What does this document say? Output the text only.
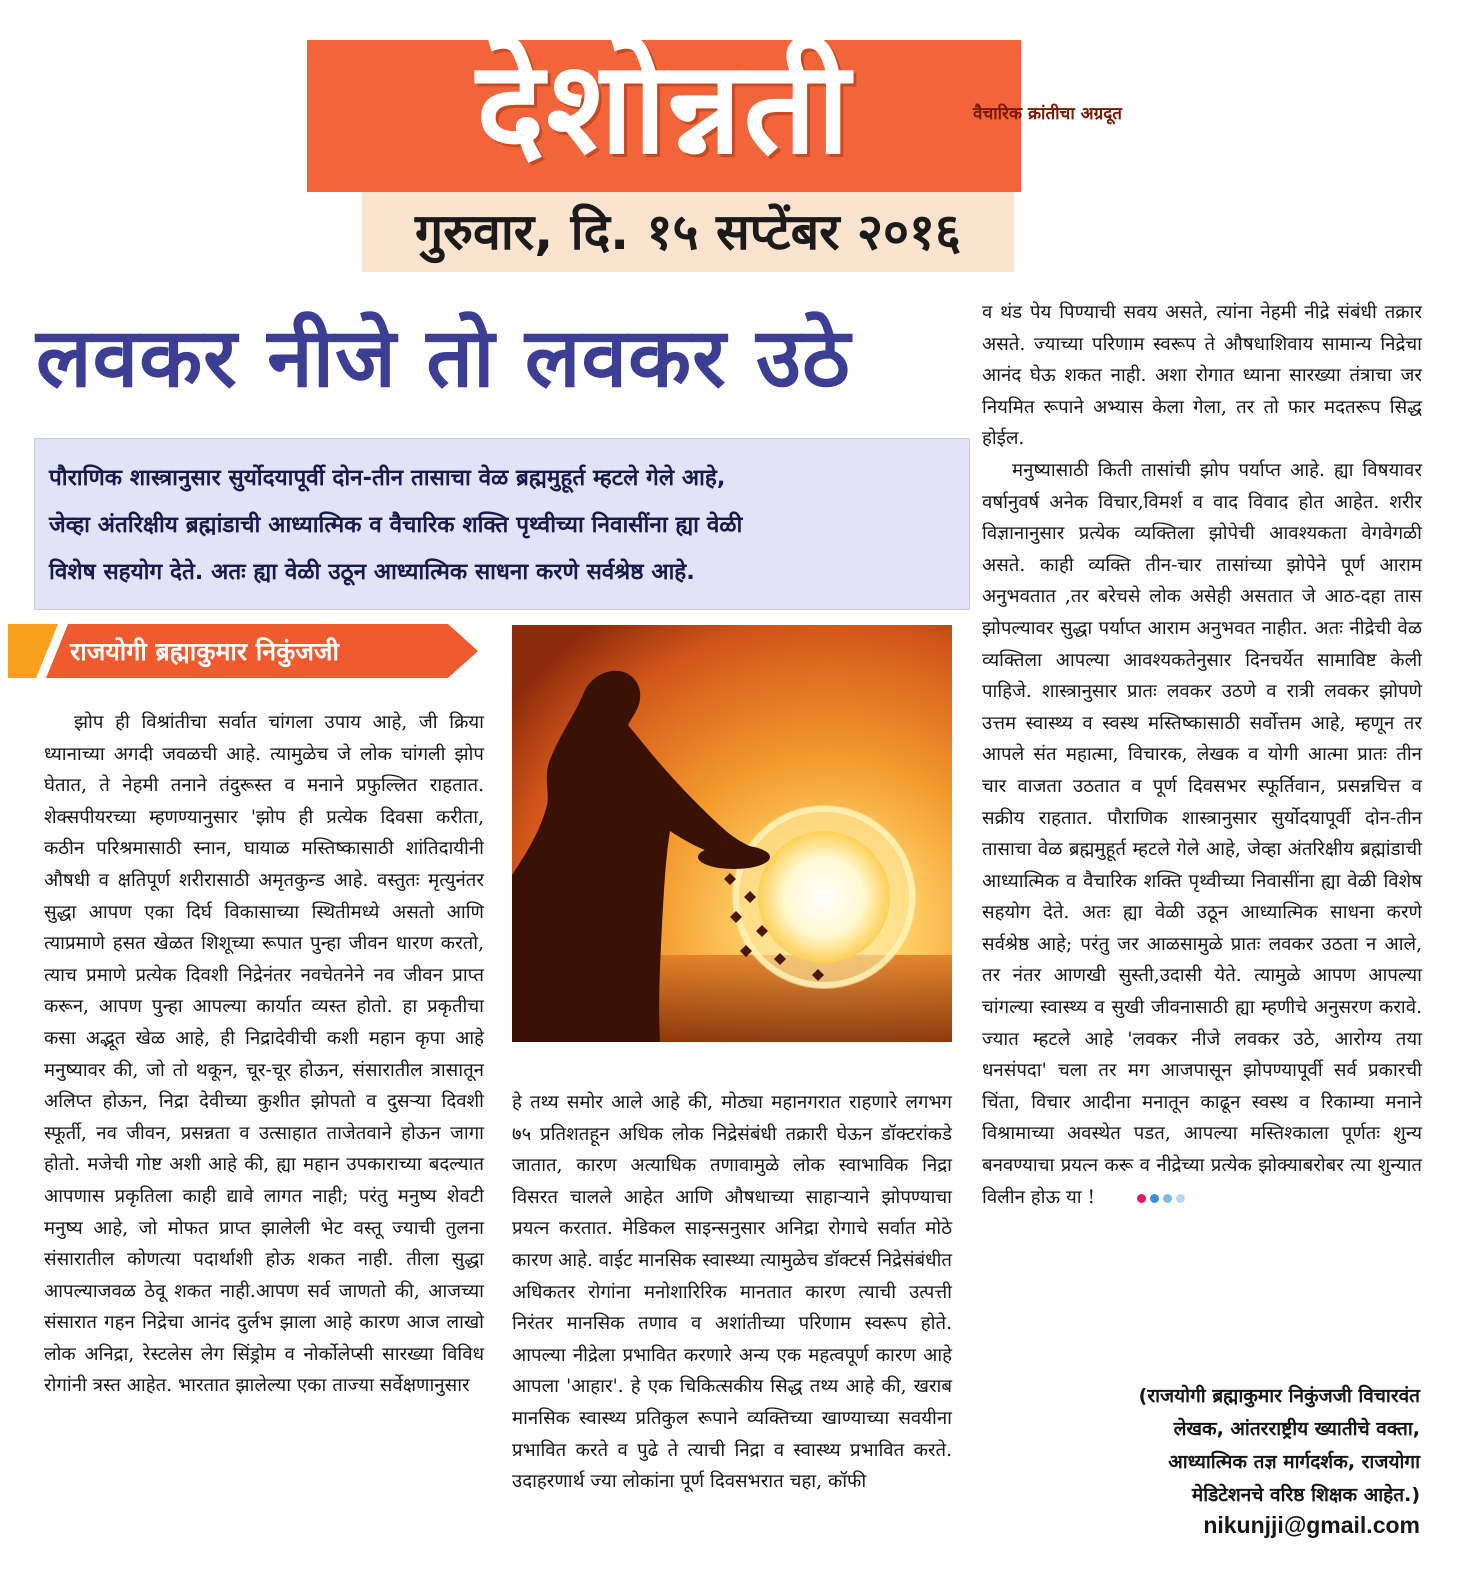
देशोन्नती	वैचारिक क्रांतीचा अग्रदूत
गुरुवार, दि. १५ सप्टेंबर २०१६
लवकर नीजे तो लवकर उठे
पौराणिक शास्त्रानुसार सुर्योदयापूर्वी दोन-तीन तासाचा वेळ ब्रह्ममुहूर्त म्हटले गेले आहे,
जेव्हा अंतरिक्षीय ब्रह्मांडाची आध्यात्मिक व वैचारिक शक्ति पृथ्वीच्या निवासींना ह्या वेळी
विशेष सहयोग देते. अतः ह्या वेळी उठून आध्यात्मिक साधना करणे सर्वश्रेष्ठ आहे.
राजयोगी ब्रह्माकुमार निकुंजजी

झोप ही विश्रांतीचा सर्वात चांगला उपाय आहे, जी क्रिया ध्यानाच्या अगदी जवळची आहे. त्यामुळेच जे लोक चांगली झोप घेतात, ते नेहमी तनाने तंदुरूस्त व मनाने प्रफुल्लित राहतात. शेक्सपीयरच्या म्हणण्यानुसार 'झोप ही प्रत्येक दिवसा करीता, कठीन परिश्रमासाठी स्नान, घायाळ मस्तिष्कासाठी शांतिदायीनी औषधी व क्षतिपूर्ण शरीरासाठी अमृतकुन्ड आहे. वस्तुतः मृत्युनंतर सुद्धा आपण एका दिर्घ विकासाच्या स्थितीमध्ये असतो आणि त्याप्रमाणे हसत खेळत शिशूच्या रूपात पुन्हा जीवन धारण करतो, त्याच प्रमाणे प्रत्येक दिवशी निद्रेनंतर नवचेतनेने नव जीवन प्राप्त करून, आपण पुन्हा आपल्या कार्यात व्यस्त होतो. हा प्रकृतीचा कसा अद्भूत खेळ आहे, ही निद्रादेवीची कशी महान कृपा आहे मनुष्यावर की, जो तो थकून, चूर-चूर होऊन, संसारातील त्रासातून अलिप्त होऊन, निद्रा देवीच्या कुशीत झोपतो व दुसऱ्या दिवशी स्फूर्ती, नव जीवन, प्रसन्नता व उत्साहात ताजेतवाने होऊन जागा होतो. मजेची गोष्ट अशी आहे की, ह्या महान उपकाराच्या बदल्यात आपणास प्रकृतिला काही द्यावे लागत नाही; परंतु मनुष्य शेवटी मनुष्य आहे, जो मोफत प्राप्त झालेली भेट वस्तू ज्याची तुलना संसारातील कोणत्या पदार्थाशी होऊ शकत नाही. तीला सुद्धा आपल्याजवळ ठेवू शकत नाही.आपण सर्व जाणतो की, आजच्या संसारात गहन निद्रेचा आनंद दुर्लभ झाला आहे कारण आज लाखो लोक अनिद्रा, रेस्टलेस लेग सिंड्रोम व नोर्कोलेप्सी सारख्या विविध रोगांनी त्रस्त आहेत. भारतात झालेल्या एका ताज्या सर्वेक्षणानुसार

हे तथ्य समोर आले आहे की, मोठ्या महानगरात राहणारे लगभग ७५ प्रतिशतहून अधिक लोक निद्रेसंबंधी तक्रारी घेऊन डॉक्टरांकडे जातात, कारण अत्याधिक तणावामुळे लोक स्वाभाविक निद्रा विसरत चालले आहेत आणि औषधाच्या साहाऱ्याने झोपण्याचा प्रयत्न करतात. मेडिकल साइन्सनुसार अनिद्रा रोगाचे सर्वात मोठे कारण आहे. वाईट मानसिक स्वास्थ्या त्यामुळेच डॉक्टर्स निद्रेसंबंधीत अधिकतर रोगांना मनोशारिरिक मानतात कारण त्याची उत्पत्ती निरंतर मानसिक तणाव व अशांतीच्या परिणाम स्वरूप होते. आपल्या नीद्रेला प्रभावित करणारे अन्य एक महत्वपूर्ण कारण आहे आपला 'आहार'. हे एक चिकित्सकीय सिद्ध तथ्य आहे की, खराब मानसिक स्वास्थ्य प्रतिकुल रूपाने व्यक्तिच्या खाण्याच्या सवयीना प्रभावित करते व पुढे ते त्याची निद्रा व स्वास्थ्य प्रभावित करते. उदाहरणार्थ ज्या लोकांना पूर्ण दिवसभरात चहा, कॉफी

व थंड पेय पिण्याची सवय असते, त्यांना नेहमी नीद्रे संबंधी तक्रार असते. ज्याच्या परिणाम स्वरूप ते औषधाशिवाय सामान्य निद्रेचा आनंद घेऊ शकत नाही. अशा रोगात ध्याना सारख्या तंत्राचा जर नियमित रूपाने अभ्यास केला गेला, तर तो फार मदतरूप सिद्ध होईल.

मनुष्यासाठी किती तासांची झोप पर्याप्त आहे. ह्या विषयावर वर्षानुवर्ष अनेक विचार,विमर्श व वाद विवाद होत आहेत. शरीर विज्ञानानुसार प्रत्येक व्यक्तिला झोपेची आवश्यकता वेगवेगळी असते. काही व्यक्ति तीन-चार तासांच्या झोपेने पूर्ण आराम अनुभवतात ,तर बरेचसे लोक असेही असतात जे आठ-दहा तास झोपल्यावर सुद्धा पर्याप्त आराम अनुभवत नाहीत. अतः नीद्रेची वेळ व्यक्तिला आपल्या आवश्यकतेनुसार दिनचर्येत सामाविष्ट केली पाहिजे. शास्त्रानुसार प्रातः लवकर उठणे व रात्री लवकर झोपणे उत्तम स्वास्थ्य व स्वस्थ मस्तिष्कासाठी सर्वोत्तम आहे, म्हणून तर आपले संत महात्मा, विचारक, लेखक व योगी आत्मा प्रातः तीन चार वाजता उठतात व पूर्ण दिवसभर स्फूर्तिवान, प्रसन्नचित्त व सक्रीय राहतात. पौराणिक शास्त्रानुसार सुर्योदयापूर्वी दोन-तीन तासाचा वेळ ब्रह्ममुहूर्त म्हटले गेले आहे, जेव्हा अंतरिक्षीय ब्रह्मांडाची आध्यात्मिक व वैचारिक शक्ति पृथ्वीच्या निवासींना ह्या वेळी विशेष सहयोग देते. अतः ह्या वेळी उठून आध्यात्मिक साधना करणे सर्वश्रेष्ठ आहे; परंतु जर आळसामुळे प्रातः लवकर उठता न आले, तर नंतर आणखी सुस्ती,उदासी येते. त्यामुळे आपण आपल्या चांगल्या स्वास्थ्य व सुखी जीवनासाठी ह्या म्हणीचे अनुसरण करावे. ज्यात म्हटले आहे 'लवकर नीजे लवकर उठे, आरोग्य तया धनसंपदा' चला तर मग आजपासून झोपण्यापूर्वी सर्व प्रकारची चिंता, विचार आदीना मनातून काढून स्वस्थ व रिकाम्या मनाने विश्रामाच्या अवस्थेत पडत, आपल्या मस्तिश्काला पूर्णतः शुन्य बनवण्याचा प्रयत्न करू व नीद्रेच्या प्रत्येक झोक्याबरोबर त्या शुन्यात विलीन होऊ या !

(राजयोगी ब्रह्माकुमार निकुंजजी विचारवंत
लेखक, आंतरराष्ट्रीय ख्यातीचे वक्ता,
आध्यात्मिक तज्ञ मार्गदर्शक, राजयोगा
मेडिटेशनचे वरिष्ठ शिक्षक आहेत.)
nikunjji@gmail.com
